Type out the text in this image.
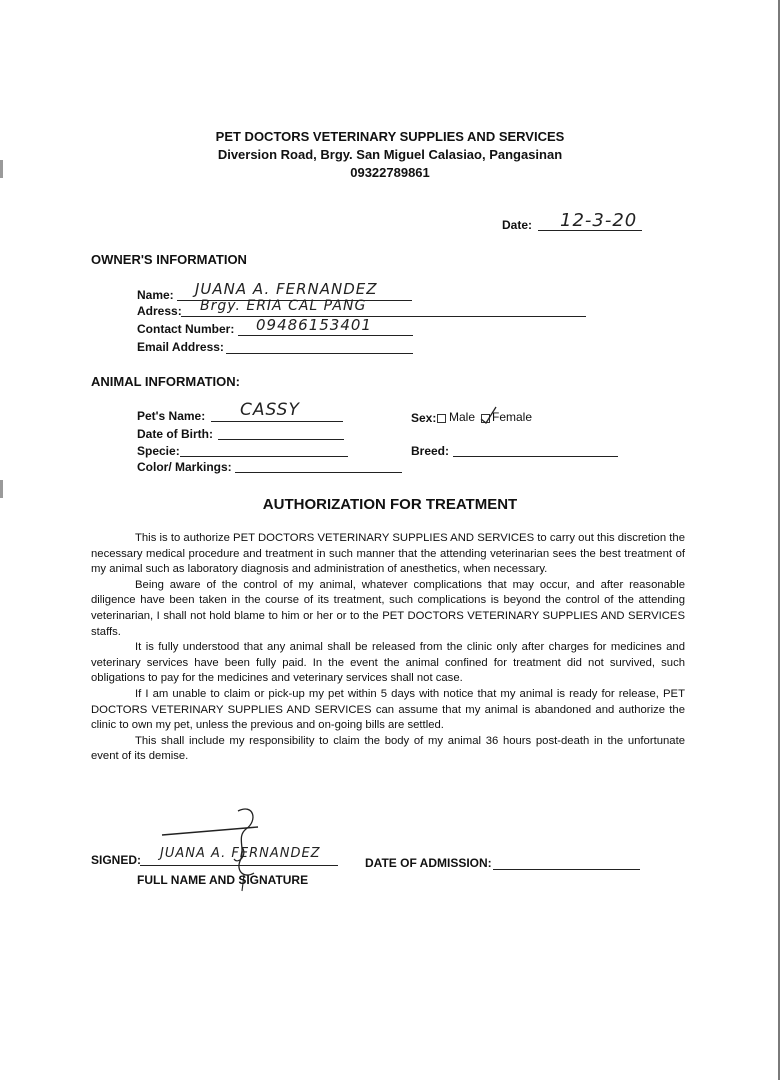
PET DOCTORS VETERINARY SUPPLIES AND SERVICES
Diversion Road, Brgy. San Miguel Calasiao, Pangasinan
09322789861
Date: 12-3-20
OWNER'S INFORMATION
Name: JUANA A. FERNANDEZ
Adress: Brgy. ERIA CAL PANG
Contact Number: 09486153401
Email Address:
ANIMAL INFORMATION:
Pet's Name: CASSY
Date of Birth:
Specie:
Color/ Markings:
Sex: Male Female
Breed:
AUTHORIZATION FOR TREATMENT

This is to authorize PET DOCTORS VETERINARY SUPPLIES AND SERVICES to carry out this discretion the necessary medical procedure and treatment in such manner that the attending veterinarian sees the best treatment of my animal such as laboratory diagnosis and administration of anesthetics, when necessary.

Being aware of the control of my animal, whatever complications that may occur, and after reasonable diligence have been taken in the course of its treatment, such complications is beyond the control of the attending veterinarian, I shall not hold blame to him or her or to the PET DOCTORS VETERINARY SUPPLIES AND SERVICES staffs.

It is fully understood that any animal shall be released from the clinic only after charges for medicines and veterinary services have been fully paid. In the event the animal confined for treatment did not survived, such obligations to pay for the medicines and veterinary services shall not case.

If I am unable to claim or pick-up my pet within 5 days with notice that my animal is ready for release, PET DOCTORS VETERINARY SUPPLIES AND SERVICES can assume that my animal is abandoned and authorize the clinic to own my pet, unless the previous and on-going bills are settled.

This shall include my responsibility to claim the body of my animal 36 hours post-death in the unfortunate event of its demise.

SIGNED: JUANA A. FERNANDEZ
FULL NAME AND SIGNATURE
DATE OF ADMISSION:
